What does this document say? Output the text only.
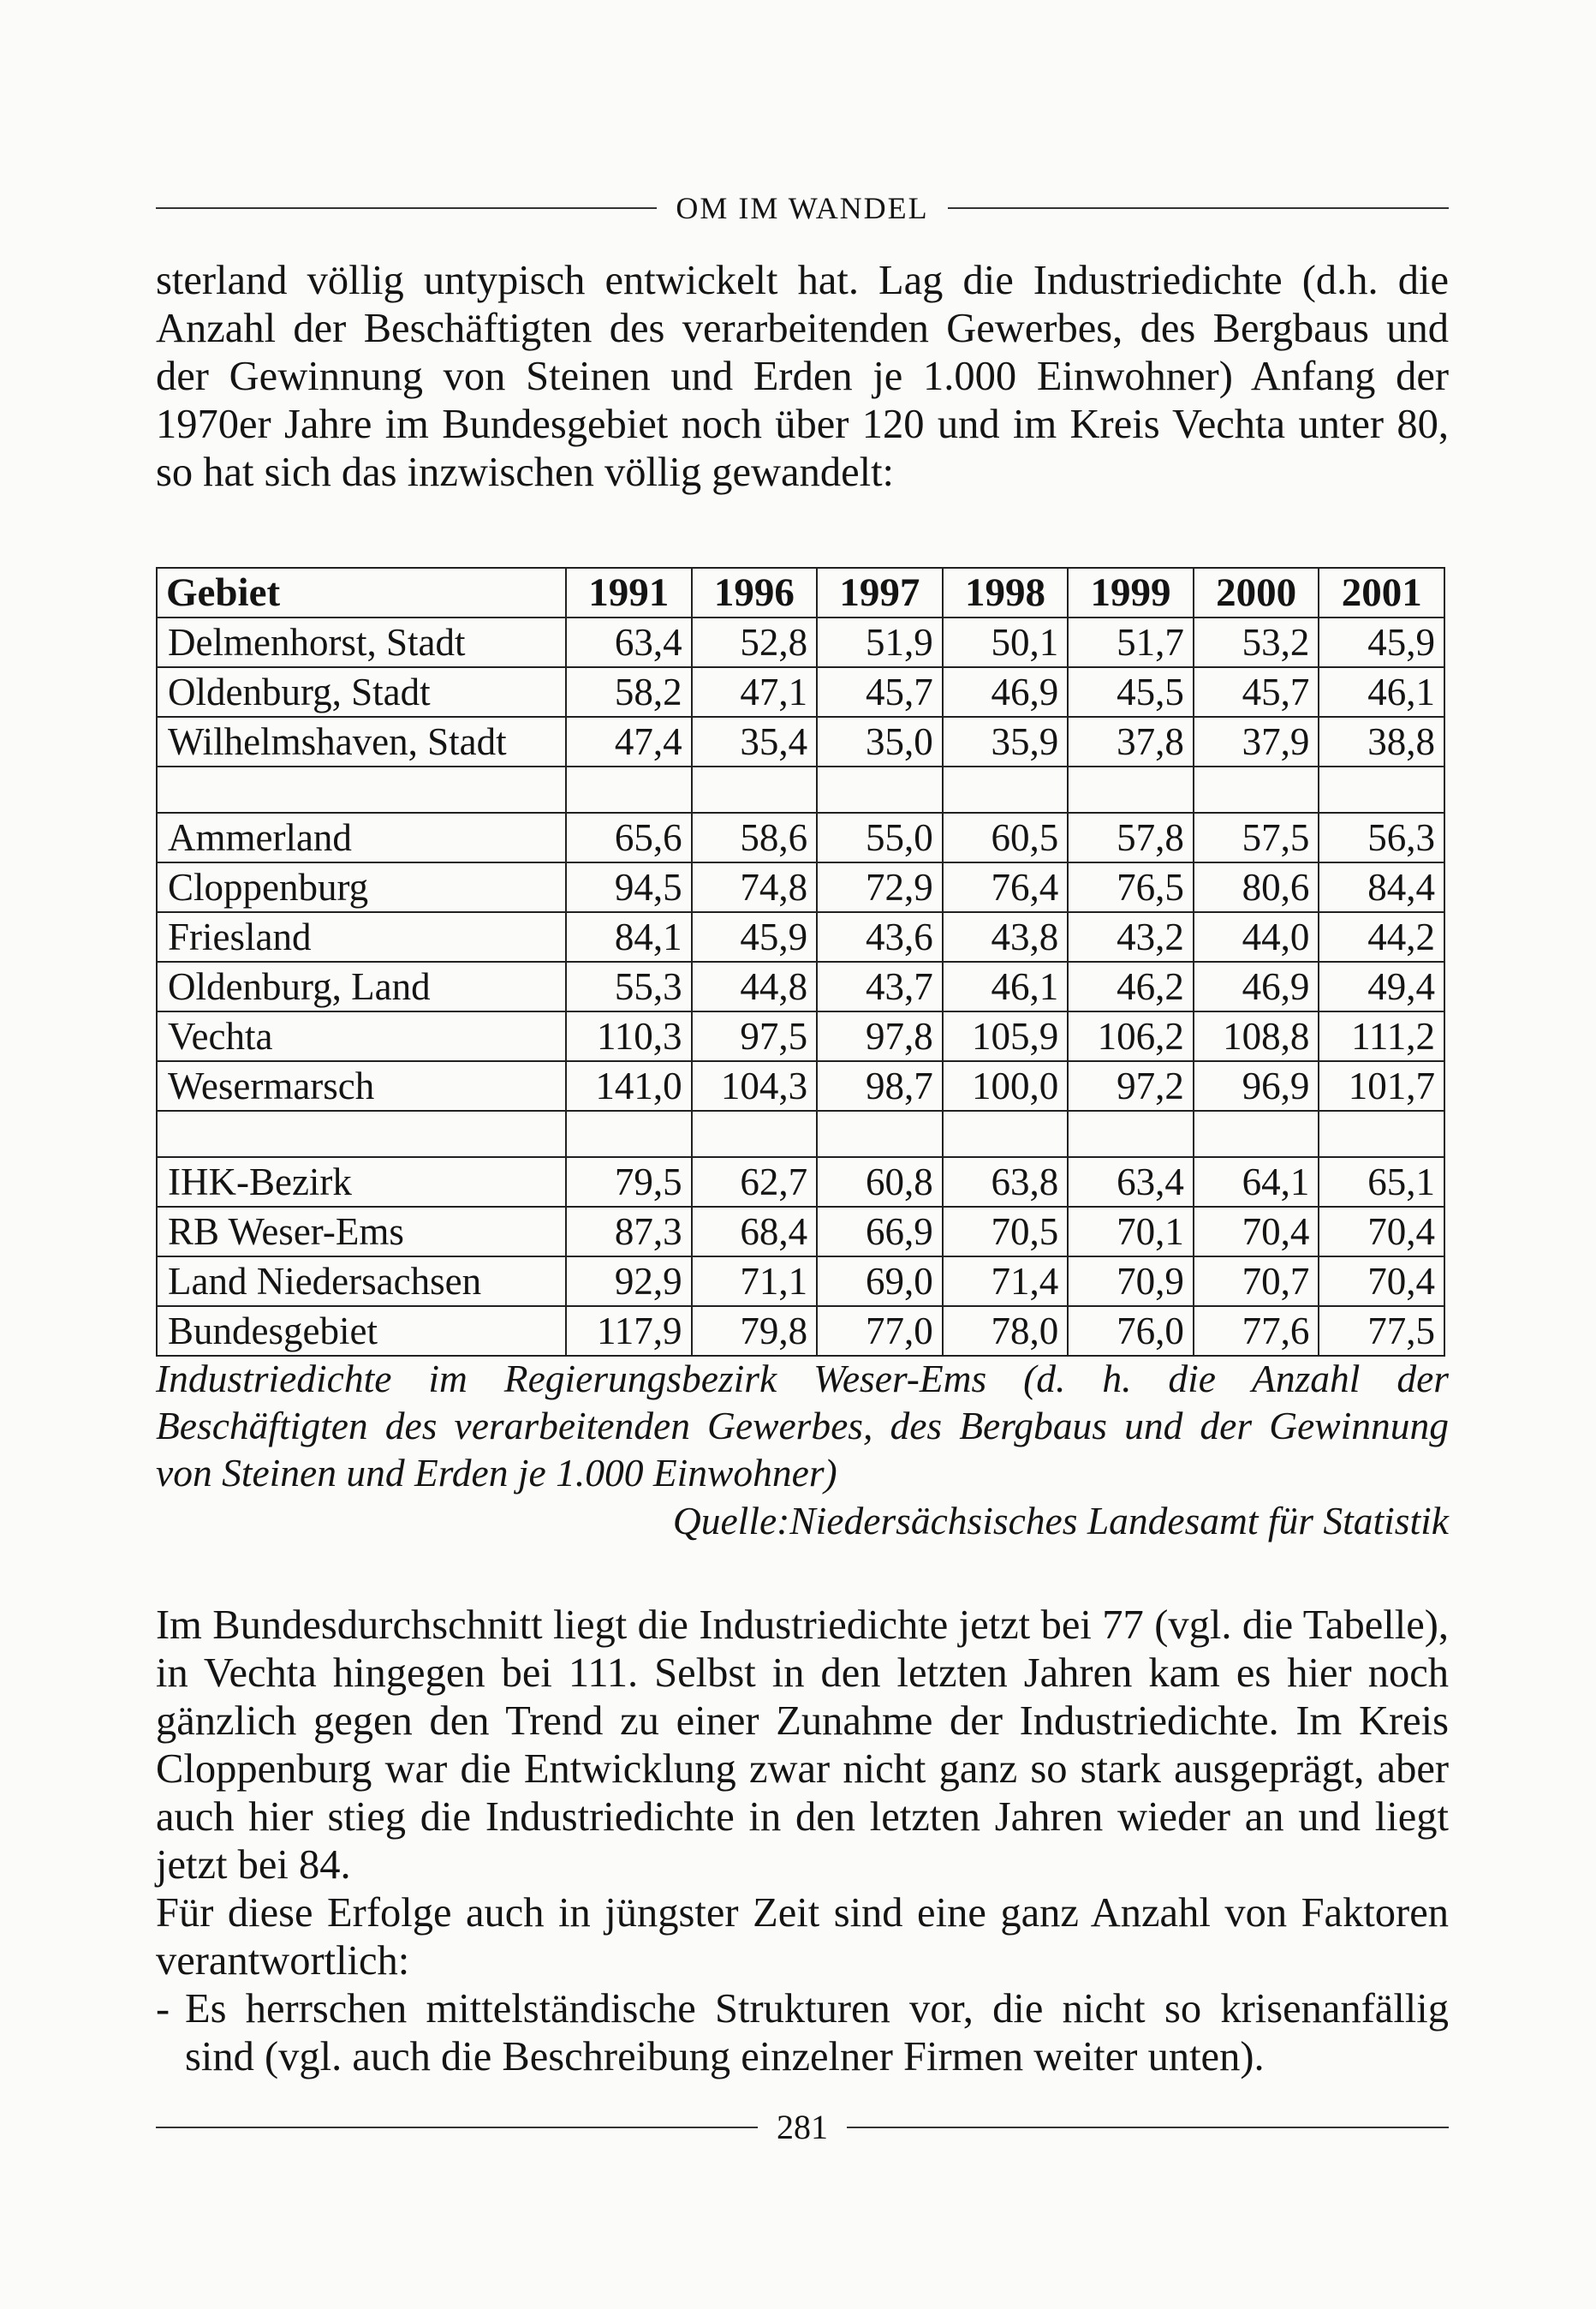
OM IM WANDEL

sterland völlig untypisch entwickelt hat. Lag die Industriedichte (d.h. die Anzahl der Beschäftigten des verarbeitenden Gewerbes, des Bergbaus und der Gewinnung von Steinen und Erden je 1.000 Einwohner) Anfang der 1970er Jahre im Bundesgebiet noch über 120 und im Kreis Vechta unter 80, so hat sich das inzwischen völlig gewandelt:

Gebiet	1991	1996	1997	1998	1999	2000	2001
Delmenhorst, Stadt	63,4	52,8	51,9	50,1	51,7	53,2	45,9
Oldenburg, Stadt	58,2	47,1	45,7	46,9	45,5	45,7	46,1
Wilhelmshaven, Stadt	47,4	35,4	35,0	35,9	37,8	37,9	38,8

Ammerland	65,6	58,6	55,0	60,5	57,8	57,5	56,3
Cloppenburg	94,5	74,8	72,9	76,4	76,5	80,6	84,4
Friesland	84,1	45,9	43,6	43,8	43,2	44,0	44,2
Oldenburg, Land	55,3	44,8	43,7	46,1	46,2	46,9	49,4
Vechta	110,3	97,5	97,8	105,9	106,2	108,8	111,2
Wesermarsch	141,0	104,3	98,7	100,0	97,2	96,9	101,7

IHK-Bezirk	79,5	62,7	60,8	63,8	63,4	64,1	65,1
RB Weser-Ems	87,3	68,4	66,9	70,5	70,1	70,4	70,4
Land Niedersachsen	92,9	71,1	69,0	71,4	70,9	70,7	70,4
Bundesgebiet	117,9	79,8	77,0	78,0	76,0	77,6	77,5

Industriedichte im Regierungsbezirk Weser-Ems (d. h. die Anzahl der Beschäftigten des verarbeitenden Gewerbes, des Bergbaus und der Gewinnung von Steinen und Erden je 1.000 Einwohner)

Quelle:Niedersächsisches Landesamt für Statistik

Im Bundesdurchschnitt liegt die Industriedichte jetzt bei 77 (vgl. die Tabelle), in Vechta hingegen bei 111. Selbst in den letzten Jahren kam es hier noch gänzlich gegen den Trend zu einer Zunahme der Industriedichte. Im Kreis Cloppenburg war die Entwicklung zwar nicht ganz so stark ausgeprägt, aber auch hier stieg die Industriedichte in den letzten Jahren wieder an und liegt jetzt bei 84.
Für diese Erfolge auch in jüngster Zeit sind eine ganz Anzahl von Faktoren verantwortlich:
- Es herrschen mittelständische Strukturen vor, die nicht so krisenanfällig sind (vgl. auch die Beschreibung einzelner Firmen weiter unten).
281
